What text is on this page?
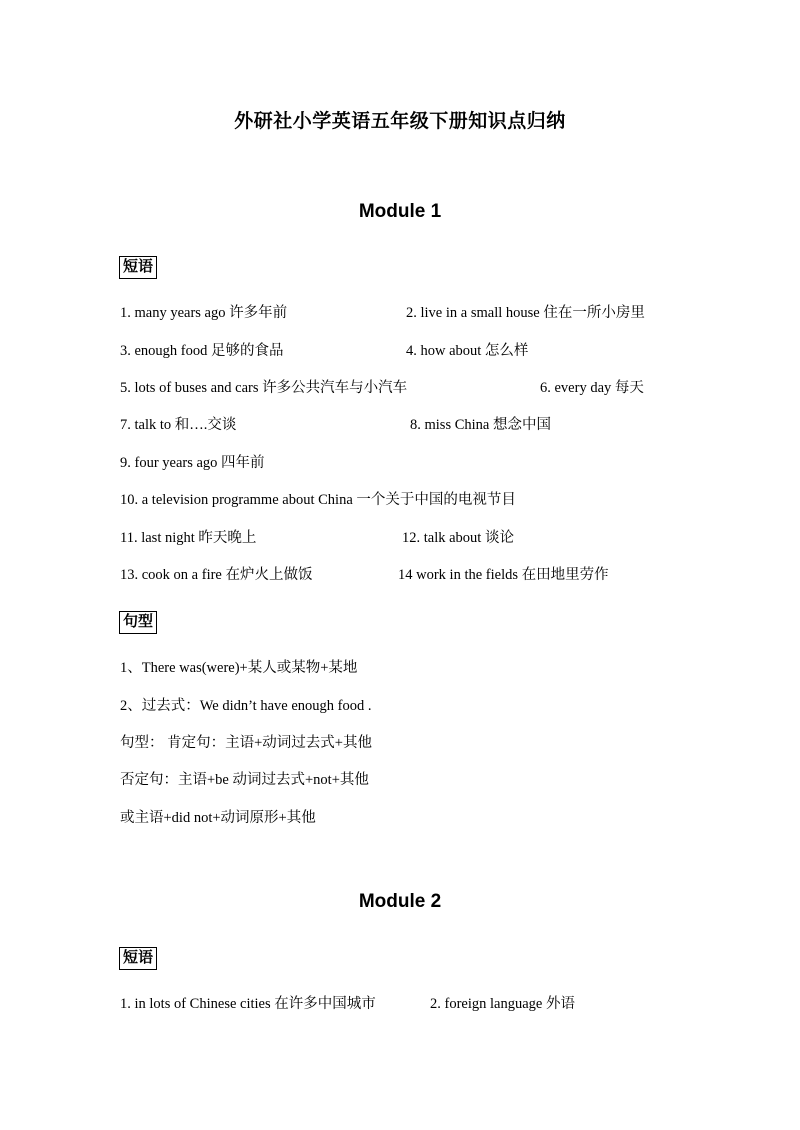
外研社小学英语五年级下册知识点归纳
Module 1
短语
1. many years ago 许多年前	2. live in a small house 住在一所小房里
3. enough food 足够的食品	4. how about 怎么样
5. lots of buses and cars 许多公共汽车与小汽车	6. every day 每天
7. talk to 和….交谈	8. miss China 想念中国
9. four years ago 四年前
10. a television programme about China 一个关于中国的电视节目
11. last night 昨天晚上	12. talk about 谈论
13. cook on a fire 在炉火上做饭	14 work in the fields 在田地里劳作
句型
1、There was(were)+某人或某物+某地
2、过去式：We didn’t have enough food .
句型： 肯定句：主语+动词过去式+其他
否定句：主语+be 动词过去式+not+其他
或主语+did not+动词原形+其他
Module 2
短语
1. in lots of Chinese cities 在许多中国城市	2. foreign language 外语
